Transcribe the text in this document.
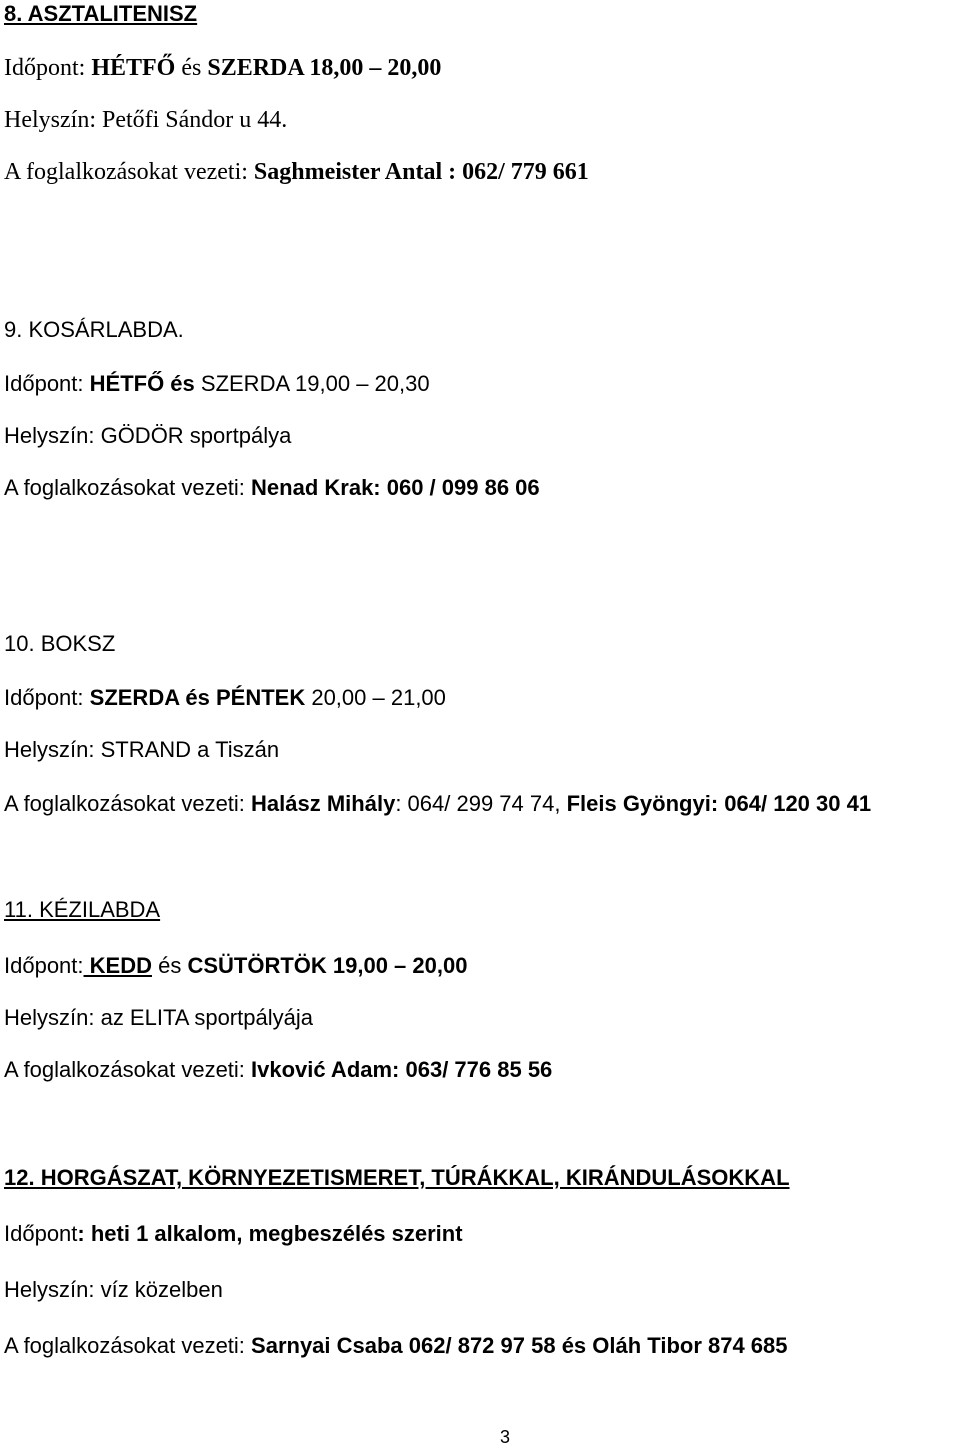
8. ASZTALITENISZ
Időpont: HÉTFŐ és SZERDA 18,00 – 20,00
Helyszín: Petőfi Sándor u 44.
A foglalkozásokat vezeti: Saghmeister Antal : 062/ 779 661
9. KOSÁRLABDA.
Időpont: HÉTFŐ és SZERDA 19,00 – 20,30
Helyszín: GÖDÖR sportpálya
A foglalkozásokat vezeti: Nenad Krak: 060 / 099 86 06
10. BOKSZ
Időpont: SZERDA és PÉNTEK 20,00 – 21,00
Helyszín: STRAND a Tiszán
A foglalkozásokat vezeti: Halász Mihály: 064/ 299 74 74, Fleis Gyöngyi: 064/ 120 30 41
11. KÉZILABDA
Időpont: KEDD és CSÜTÖRTÖK 19,00 – 20,00
Helyszín: az ELITA sportpályája
A foglalkozásokat vezeti: Ivković Adam: 063/ 776 85 56
12. HORGÁSZAT, KÖRNYEZETISMERET, TÚRÁKKAL, KIRÁNDULÁSOKKAL
Időpont: heti 1 alkalom, megbeszélés szerint
Helyszín: víz közelben
A foglalkozásokat vezeti: Sarnyai Csaba 062/ 872 97 58 és Oláh Tibor 874 685
3
